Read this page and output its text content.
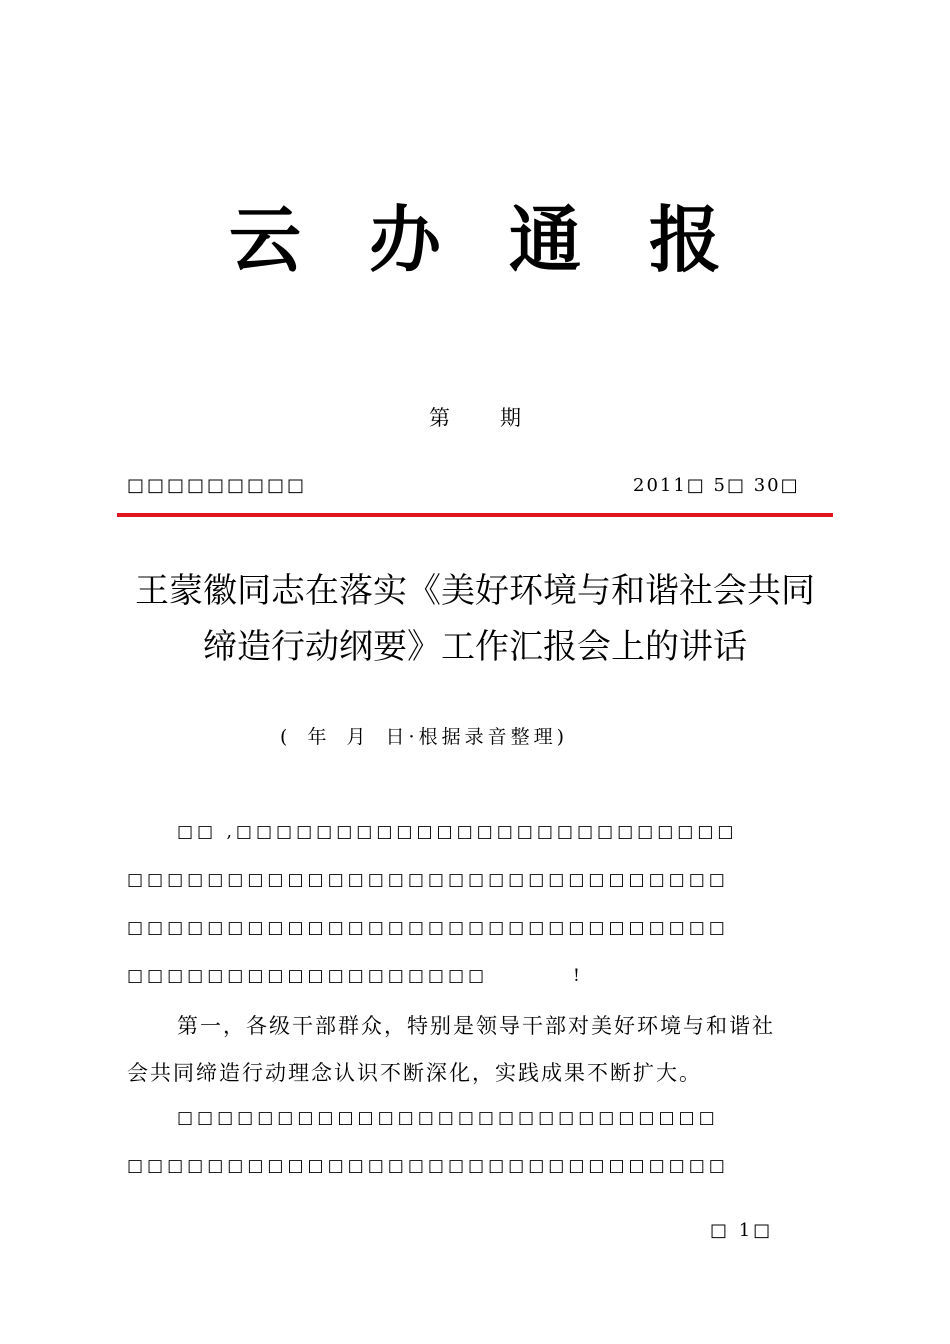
云办通报
第 期
□□□□□□□□□	2011□ 5□ 30□
王蒙徽同志在落实《美好环境与和谐社会共同
缔造行动纲要》工作汇报会上的讲话
( 年 月 日·根据录音整理)
□□ ,□□□□□□□□□□□□□□□□□□□□□□□□□
□□□□□□□□□□□□□□□□□□□□□□□□□□□□□□
□□□□□□□□□□□□□□□□□□□□□□□□□□□□□□
□□□□□□□□□□□□□□□□□□	!
第一，各级干部群众，特别是领导干部对美好环境与和谐社
会共同缔造行动理念认识不断深化，实践成果不断扩大。
□□□□□□□□□□□□□□□□□□□□□□□□□□□
□□□□□□□□□□□□□□□□□□□□□□□□□□□□□□
□ 1□
